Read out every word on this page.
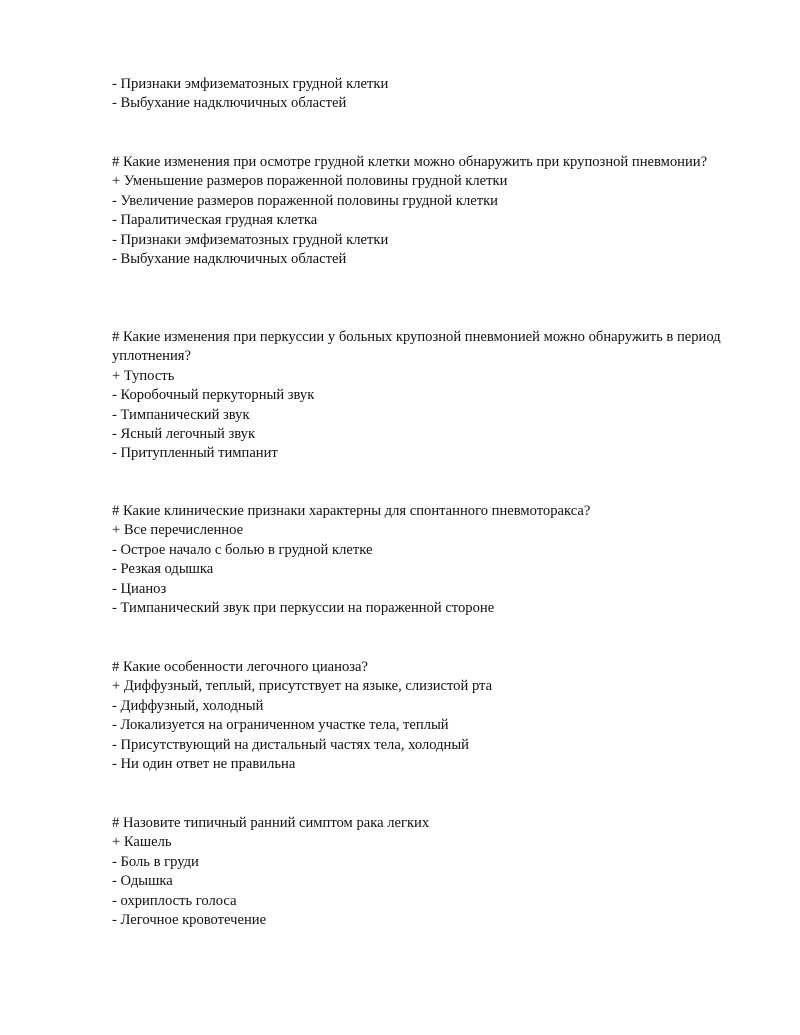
- Признаки эмфизематозных грудной клетки
- Выбухание надключичных областей
# Какие изменения при осмотре грудной клетки можно обнаружить при крупозной пневмонии?
+ Уменьшение размеров пораженной половины грудной клетки
- Увеличение размеров пораженной половины грудной клетки
- Паралитическая грудная клетка
- Признаки эмфизематозных грудной клетки
- Выбухание надключичных областей
# Какие изменения при перкуссии у больных крупозной пневмонией можно обнаружить в период уплотнения?
+ Тупость
- Коробочный перкуторный звук
- Тимпанический звук
- Ясный легочный звук
- Притупленный тимпанит
# Какие клинические признаки характерны для спонтанного пневмоторакса?
+ Все перечисленное
- Острое начало с болью в грудной клетке
- Резкая одышка
- Цианоз
- Тимпанический звук при перкуссии на пораженной стороне
# Какие особенности легочного цианоза?
+ Диффузный, теплый, присутствует на языке, слизистой рта
- Диффузный, холодный
- Локализуется на ограниченном участке тела, теплый
- Присутствующий на дистальный частях тела, холодный
- Ни один ответ не правильна
# Назовите типичный ранний симптом рака легких
+ Кашель
- Боль в груди
- Одышка
- охриплость голоса
- Легочное кровотечение
